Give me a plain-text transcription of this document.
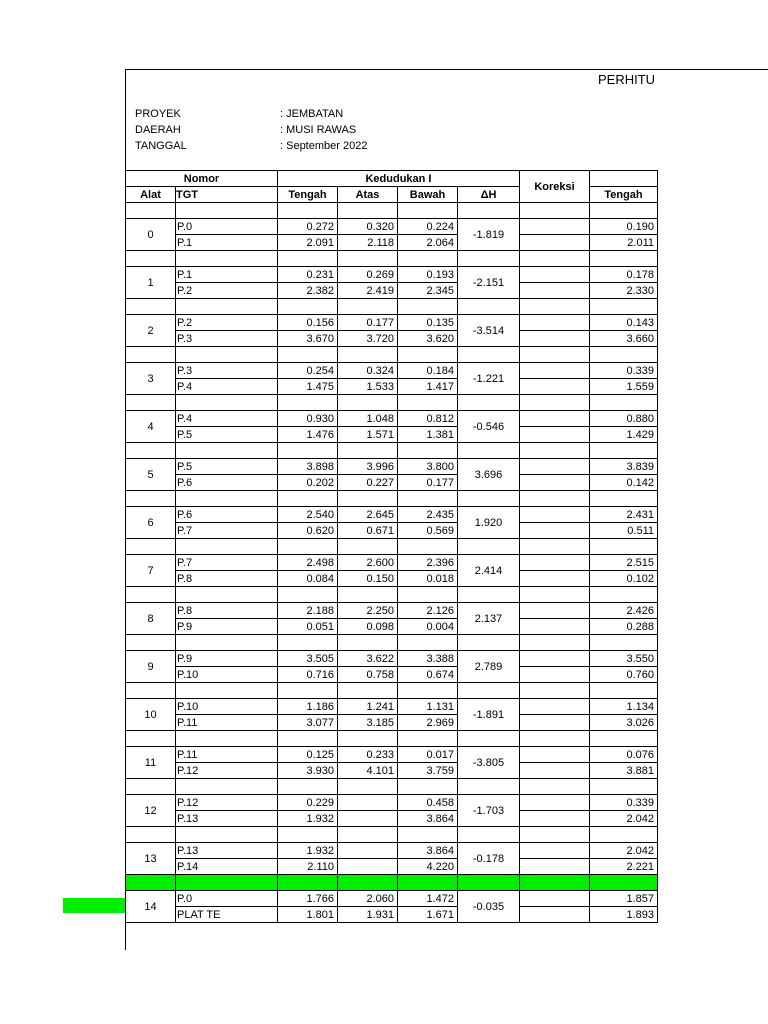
PERHITU
PROYEK	: JEMBATAN
DAERAH	: MUSI RAWAS
TANGGAL	: September 2022
Nomor		Kedudukan I				Koreksi	
Alat	TGT	Tengah	Atas	Bawah	ΔH		Tengah

0	P.0	0.272	0.320	0.224	-1.819		0.190
	P.1	2.091	2.118	2.064			2.011

1	P.1	0.231	0.269	0.193	-2.151		0.178
	P.2	2.382	2.419	2.345			2.330

2	P.2	0.156	0.177	0.135	-3.514		0.143
	P.3	3.670	3.720	3.620			3.660

3	P.3	0.254	0.324	0.184	-1.221		0.339
	P.4	1.475	1.533	1.417			1.559

4	P.4	0.930	1.048	0.812	-0.546		0.880
	P.5	1.476	1.571	1.381			1.429

5	P.5	3.898	3.996	3.800	3.696		3.839
	P.6	0.202	0.227	0.177			0.142

6	P.6	2.540	2.645	2.435	1.920		2.431
	P.7	0.620	0.671	0.569			0.511

7	P.7	2.498	2.600	2.396	2.414		2.515
	P.8	0.084	0.150	0.018			0.102

8	P.8	2.188	2.250	2.126	2.137		2.426
	P.9	0.051	0.098	0.004			0.288

9	P.9	3.505	3.622	3.388	2.789		3.550
	P.10	0.716	0.758	0.674			0.760

10	P.10	1.186	1.241	1.131	-1.891		1.134
	P.11	3.077	3.185	2.969			3.026

11	P.11	0.125	0.233	0.017	-3.805		0.076
	P.12	3.930	4.101	3.759			3.881

12	P.12	0.229		0.458	-1.703		0.339
	P.13	1.932		3.864			2.042

13	P.13	1.932		3.864	-0.178		2.042
	P.14	2.110		4.220			2.221

14	P.0	1.766	2.060	1.472	-0.035		1.857
	PLAT TE	1.801	1.931	1.671			1.893
